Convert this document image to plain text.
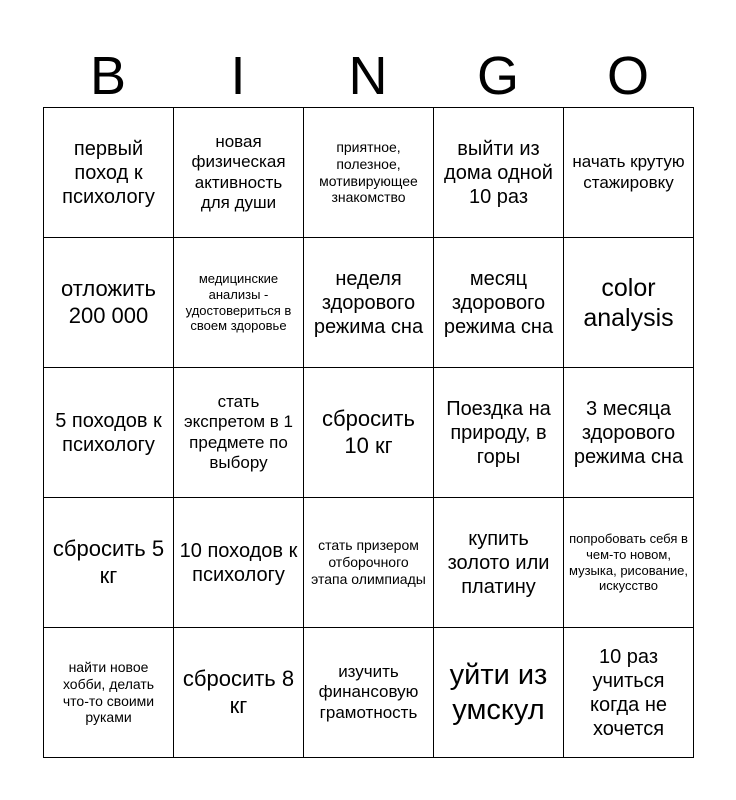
B	I	N	G	O
первый поход к психологу	новая физическая активность для души	приятное, полезное, мотивирующее знакомство	выйти из дома одной 10 раз	начать крутую стажировку
отложить 200 000	медицинские анализы - удостовериться в своем здоровье	неделя здорового режима сна	месяц здорового режима сна	color analysis
5 походов к психологу	стать экспретом в 1 предмете по выбору	сбросить 10 кг	Поездка на природу, в горы	3 месяца здорового режима сна
сбросить 5 кг	10 походов к психологу	стать призером отборочного этапа олимпиады	купить золото или платину	попробовать себя в чем-то новом, музыка, рисование, искусство
найти новое хобби, делать что-то своими руками	сбросить 8 кг	изучить финансовую грамотность	уйти из умскул	10 раз учиться когда не хочется
